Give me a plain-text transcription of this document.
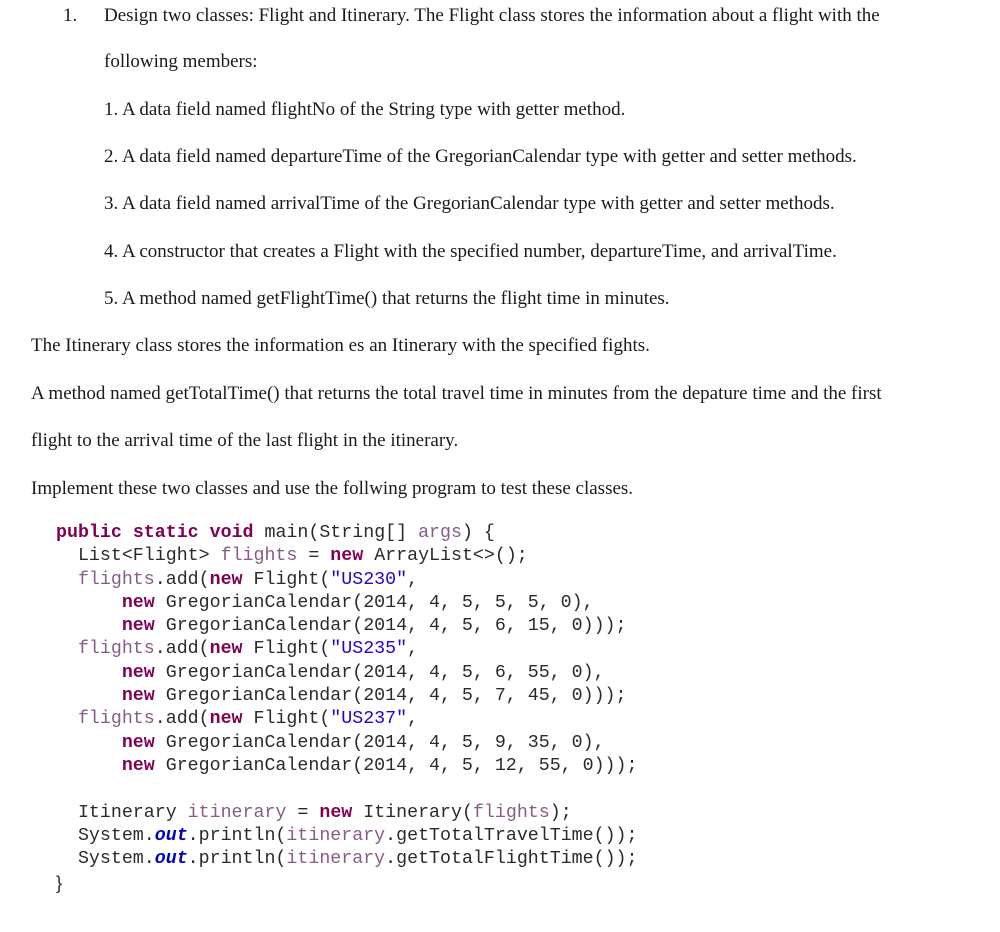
1. Design two classes: Flight and Itinerary. The Flight class stores the information about a flight with the
following members:
1. A data field named flightNo of the String type with getter method.
2. A data field named departureTime of the GregorianCalendar type with getter and setter methods.
3. A data field named arrivalTime of the GregorianCalendar type with getter and setter methods.
4. A constructor that creates a Flight with the specified number, departureTime, and arrivalTime.
5. A method named getFlightTime() that returns the flight time in minutes.
The Itinerary class stores the information es an Itinerary with the specified fights.
A method named getTotalTime() that returns the total travel time in minutes from the depature time and the first
flight to the arrival time of the last flight in the itinerary.
Implement these two classes and use the follwing program to test these classes.
public static void main(String[] args) {
List<Flight> flights = new ArrayList<>();
flights.add(new Flight("US230",
new GregorianCalendar(2014, 4, 5, 5, 5, 0),
new GregorianCalendar(2014, 4, 5, 6, 15, 0)));
flights.add(new Flight("US235",
new GregorianCalendar(2014, 4, 5, 6, 55, 0),
new GregorianCalendar(2014, 4, 5, 7, 45, 0)));
flights.add(new Flight("US237",
new GregorianCalendar(2014, 4, 5, 9, 35, 0),
new GregorianCalendar(2014, 4, 5, 12, 55, 0)));

Itinerary itinerary = new Itinerary(flights);
System.out.println(itinerary.getTotalTravelTime());
System.out.println(itinerary.getTotalFlightTime());
}
